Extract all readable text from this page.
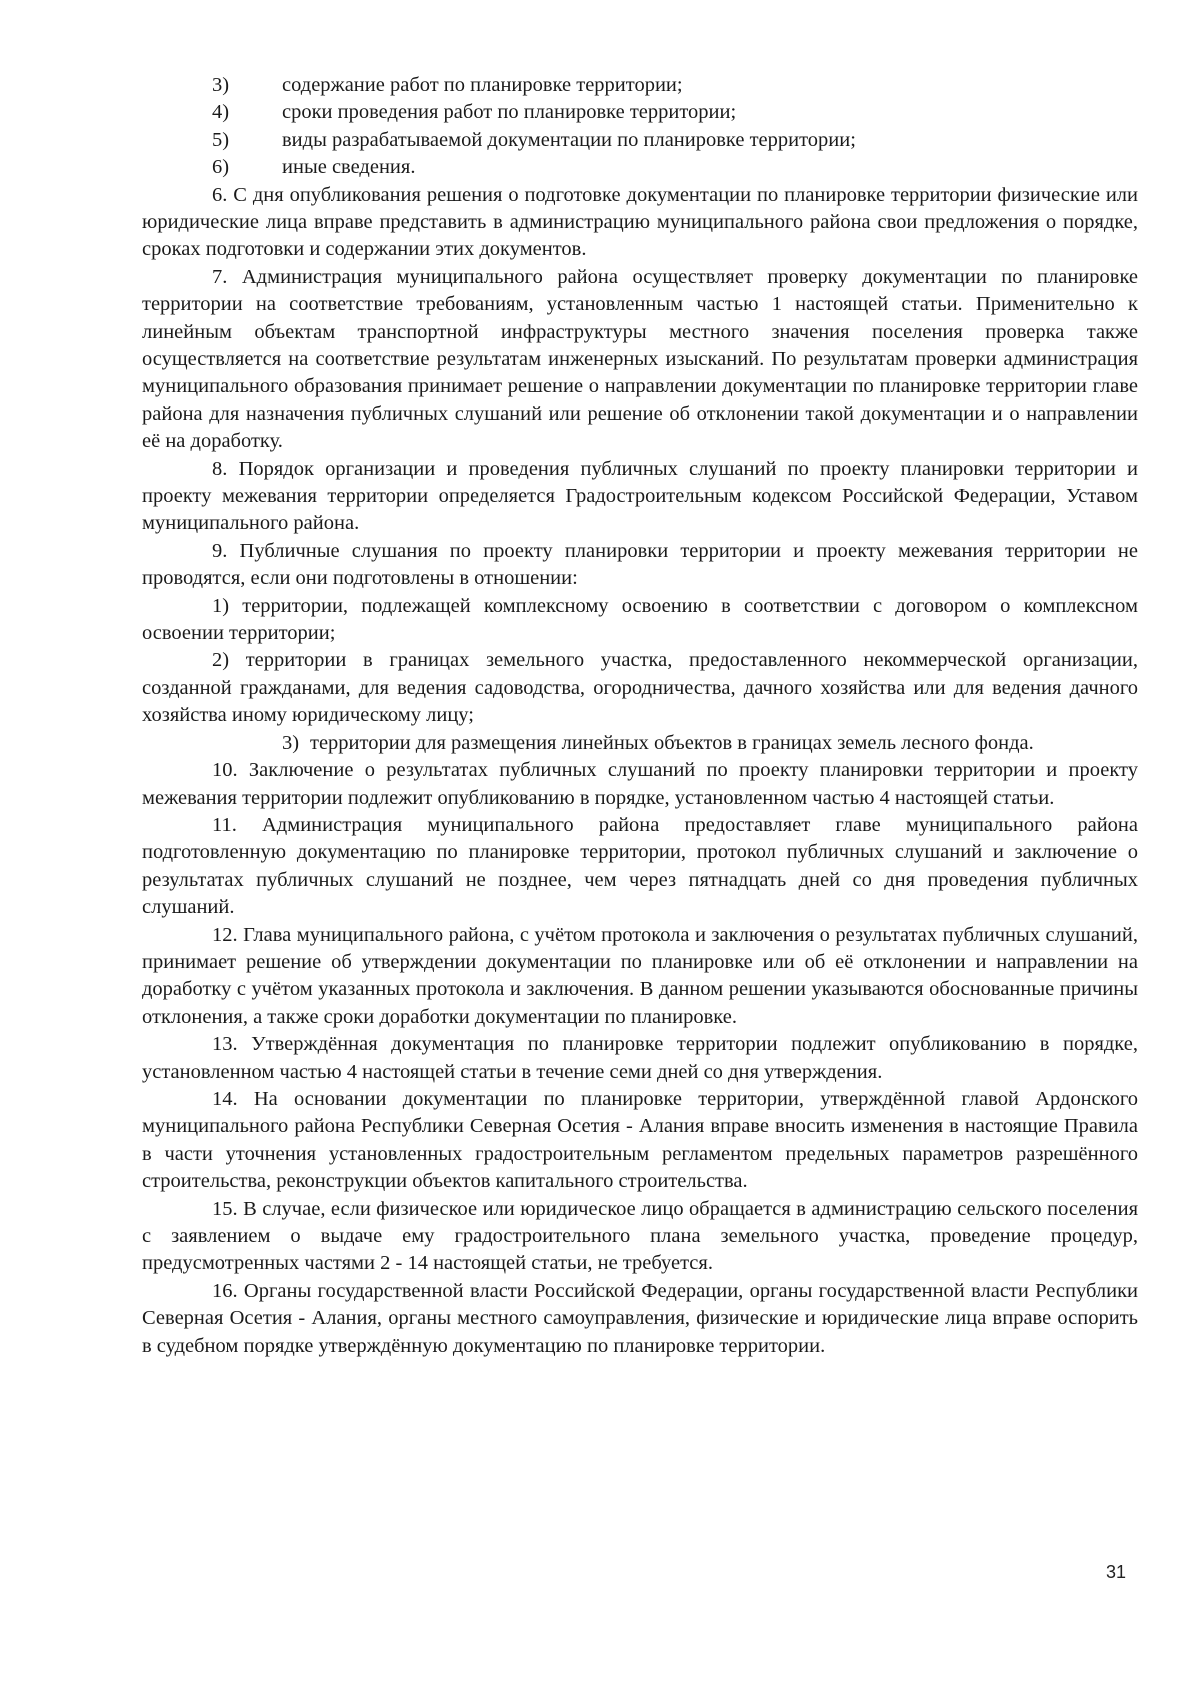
3)	содержание работ по планировке территории;
4)	сроки проведения работ по планировке территории;
5)	виды разрабатываемой документации по планировке территории;
6)	иные сведения.

6. С дня опубликования решения о подготовке документации по планировке территории физические или юридические лица вправе представить в администрацию муниципального района свои предложения о порядке, сроках подготовки и содержании этих документов.

7. Администрация муниципального района осуществляет проверку документации по планировке территории на соответствие требованиям, установленным частью 1 настоящей статьи. Применительно к линейным объектам транспортной инфраструктуры местного значения поселения проверка также осуществляется на соответствие результатам инженерных изысканий. По результатам проверки администрация муниципального образования принимает решение о направлении документации по планировке территории главе района для назначения публичных слушаний или решение об отклонении такой документации и о направлении её на доработку.

8. Порядок организации и проведения публичных слушаний по проекту планировки территории и проекту межевания территории определяется Градостроительным кодексом Российской Федерации, Уставом муниципального района.

9. Публичные слушания по проекту планировки территории и проекту межевания территории не проводятся, если они подготовлены в отношении:

1) территории, подлежащей комплексному освоению в соответствии с договором о комплексном освоении территории;

2) территории в границах земельного участка, предоставленного некоммерческой организации, созданной гражданами, для ведения садоводства, огородничества, дачного хозяйства или для ведения дачного хозяйства иному юридическому лицу;

3) территории для размещения линейных объектов в границах земель лесного фонда.

10. Заключение о результатах публичных слушаний по проекту планировки территории и проекту межевания территории подлежит опубликованию в порядке, установленном частью 4 настоящей статьи.

11. Администрация муниципального района предоставляет главе муниципального района подготовленную документацию по планировке территории, протокол публичных слушаний и заключение о результатах публичных слушаний не позднее, чем через пятнадцать дней со дня проведения публичных слушаний.

12. Глава муниципального района, с учётом протокола и заключения о результатах публичных слушаний, принимает решение об утверждении документации по планировке или об её отклонении и направлении на доработку с учётом указанных протокола и заключения. В данном решении указываются обоснованные причины отклонения, а также сроки доработки документации по планировке.

13. Утверждённая документация по планировке территории подлежит опубликованию в порядке, установленном частью 4 настоящей статьи в течение семи дней со дня утверждения.

14. На основании документации по планировке территории, утверждённой главой Ардонского муниципального района Республики Северная Осетия - Алания вправе вносить изменения в настоящие Правила в части уточнения установленных градостроительным регламентом предельных параметров разрешённого строительства, реконструкции объектов капитального строительства.

15. В случае, если физическое или юридическое лицо обращается в администрацию сельского поселения с заявлением о выдаче ему градостроительного плана земельного участка, проведение процедур, предусмотренных частями 2 - 14 настоящей статьи, не требуется.

16. Органы государственной власти Российской Федерации, органы государственной власти Республики Северная Осетия - Алания, органы местного самоуправления, физические и юридические лица вправе оспорить в судебном порядке утверждённую документацию по планировке территории.

31
